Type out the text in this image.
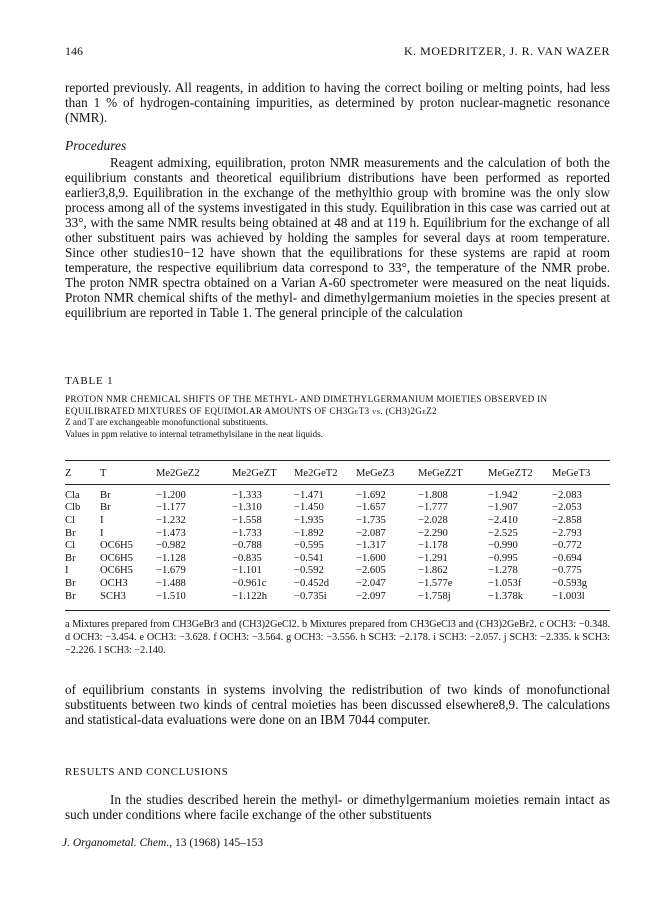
146	K. MOEDRITZER, J. R. VAN WAZER

reported previously. All reagents, in addition to having the correct boiling or melting points, had less than 1 % of hydrogen-containing impurities, as determined by proton nuclear-magnetic resonance (NMR).

Procedures

Reagent admixing, equilibration, proton NMR measurements and the calculation of both the equilibrium constants and theoretical equilibrium distributions have been performed as reported earlier3,8,9. Equilibration in the exchange of the methylthio group with bromine was the only slow process among all of the systems investigated in this study. Equilibration in this case was carried out at 33°, with the same NMR results being obtained at 48 and at 119 h. Equilibrium for the exchange of all other substituent pairs was achieved by holding the samples for several days at room temperature. Since other studies10−12 have shown that the equilibrations for these systems are rapid at room temperature, the respective equilibrium data correspond to 33°, the temperature of the NMR probe. The proton NMR spectra obtained on a Varian A-60 spectrometer were measured on the neat liquids. Proton NMR chemical shifts of the methyl- and dimethylgermanium moieties in the species present at equilibrium are reported in Table 1. The general principle of the calculation

TABLE 1
PROTON NMR CHEMICAL SHIFTS OF THE METHYL- AND DIMETHYLGERMANIUM MOIETIES OBSERVED IN
EQUILIBRATED MIXTURES OF EQUIMOLAR AMOUNTS OF CH3GeT3 vs. (CH3)2GeZ2
Z and T are exchangeable monofunctional substituents.
Values in ppm relative to internal tetramethylsilane in the neat liquids.
Z	T	Me2GeZ2	Me2GeZT	Me2GeT2	MeGeZ3	MeGeZ2T	MeGeZT2	MeGeT3
Cla	Br	−1.200	−1.333	−1.471	−1.692	−1.808	−1.942	−2.083
Clb	Br	−1.177	−1.310	−1.450	−1.657	−1.777	−1.907	−2.053
Cl	I	−1.232	−1.558	−1.935	−1.735	−2.028	−2.410	−2.858
Br	I	−1.473	−1.733	−1.892	−2.087	−2.290	−2.525	−2.793
Cl	OC6H5	−0.982	−0.788	−0.595	−1.317	−1.178	−0.990	−0.772
Br	OC6H5	−1.128	−0.835	−0.541	−1.600	−1.291	−0.995	−0.694
I	OC6H5	−1.679	−1.101	−0.592	−2.605	−1.862	−1.278	−0.775
Br	OCH3	−1.488	−0.961c	−0.452d	−2.047	−1.577e	−1.053f	−0.593g
Br	SCH3	−1.510	−1.122h	−0.735i	−2.097	−1.758j	−1.378k	−1.003l
a Mixtures prepared from CH3GeBr3 and (CH3)2GeCl2. b Mixtures prepared from CH3GeCl3 and (CH3)2GeBr2. c OCH3: −0.348. d OCH3: −3.454. e OCH3: −3.628. f OCH3: −3.564. g OCH3: −3.556. h SCH3: −2.178. i SCH3: −2.057. j SCH3: −2.335. k SCH3: −2.226. l SCH3: −2.140.

of equilibrium constants in systems involving the redistribution of two kinds of monofunctional substituents between two kinds of central moieties has been discussed elsewhere8,9. The calculations and statistical-data evaluations were done on an IBM 7044 computer.

RESULTS AND CONCLUSIONS

In the studies described herein the methyl- or dimethylgermanium moieties remain intact as such under conditions where facile exchange of the other substituents

J. Organometal. Chem., 13 (1968) 145–153
